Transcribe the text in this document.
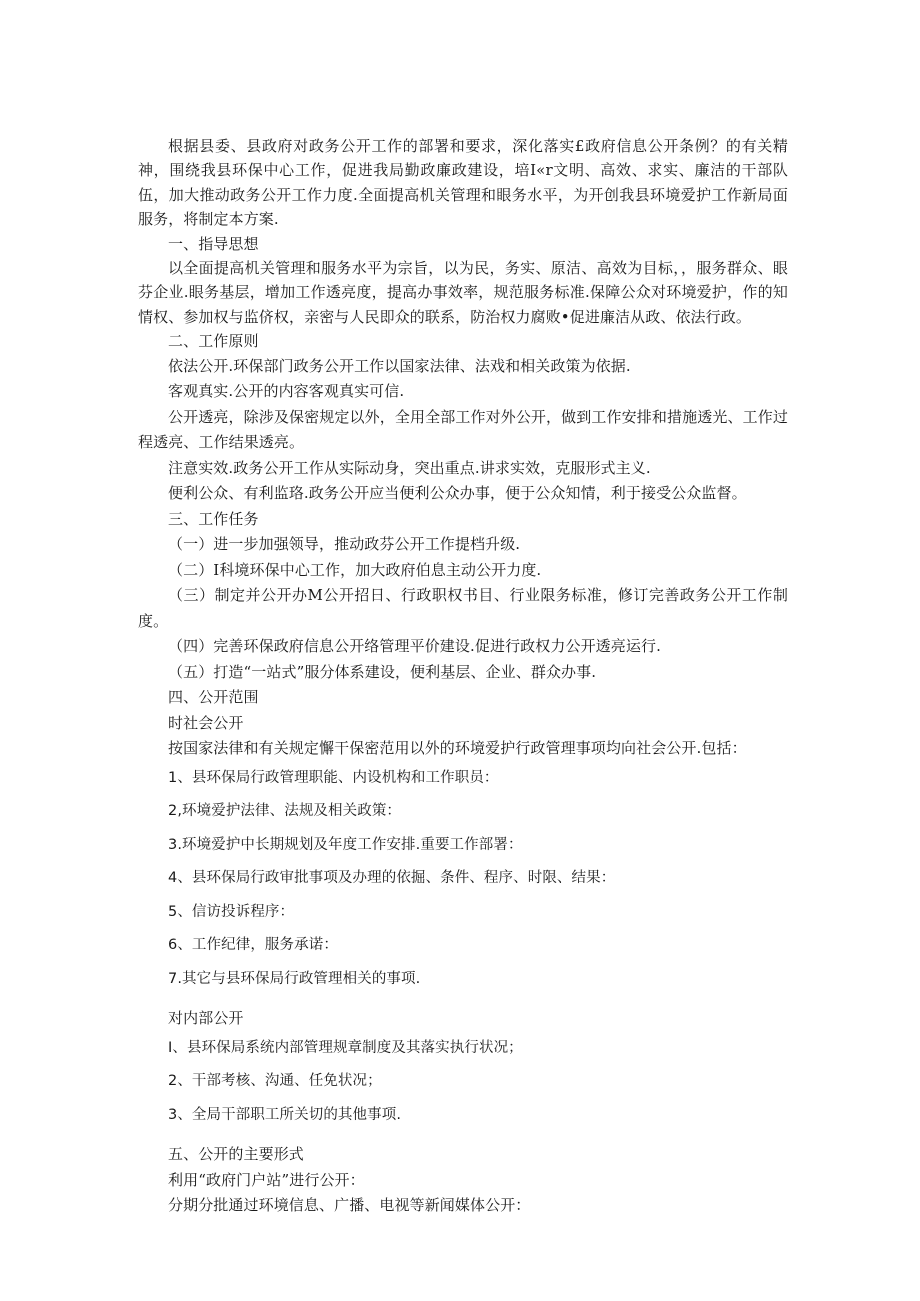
根据县委、县政府对政务公开工作的部署和要求，深化落实£政府信息公开条例？的有关精神，围绕我县环保中心工作，促进我局勤政廉政建设，培I«r文明、高效、求实、廉洁的干部队伍，加大推动政务公开工作力度.全面提高机关管理和眼务水平，为开创我县环境爱护工作新局面服务，将制定本方案.

一、指导思想

以全面提高机关管理和服务水平为宗旨，以为民，务实、原洁、高效为目标，，服务群众、眼芬企业.眼务基层，增加工作透亮度，提高办事效率，规范服务标准.保障公众对环境爱护，作的知情权、参加权与监侪权，亲密与人民即众的联系，防治权力腐败•促进廉洁从政、依法行政。

二、工作原则

依法公开.环保部门政务公开工作以国家法律、法戏和相关政策为依据.

客观真实.公开的内容客观真实可信.

公开透亮，除涉及保密规定以外，全用全部工作对外公开，做到工作安排和措施透光、工作过程透亮、工作结果透亮。

注意实效.政务公开工作从实际动身，突出重点.讲求实效，克服形式主义.

便利公众、有利监珞.政务公开应当便利公众办事，便于公众知情，利于接受公众监督。

三、工作任务

（一）进一步加强领导，推动政芬公开工作提档升级.

（二）I科境环保中心工作，加大政府伯息主动公开力度.

（三）制定并公开办M公开招日、行政职权书目、行业限务标准，修订完善政务公开工作制度。

（四）完善环保政府信息公开络管理平价建设.促进行政权力公开透亮运行.

（五）打造“一站式”服分体系建设，便利基层、企业、群众办事.

四、公开范围

时社会公开

按国家法律和有关规定懈干保密范用以外的环境爱护行政管理事项均向社会公开.包括：

1、县环保局行政管理职能、内设机构和工作职员：

2,环境爱护法律、法规及相关政策：

3.环境爱护中长期规划及年度工作安排.重要工作部署：

4、县环保局行政审批事项及办理的依掘、条件、程序、时限、结果：

5、信访投诉程序：

6、工作纪律，服务承诺：

7.其它与县环保局行政管理相关的事项.

对内部公开

I、县环保局系统内部管理规章制度及其落实执行状况；

2、干部考核、沟通、任免状况；

3、全局干部职工所关切的其他事项.

五、公开的主要形式

利用“政府门户站”进行公开：

分期分批通过环境信息、广播、电视等新闻媒体公开：
